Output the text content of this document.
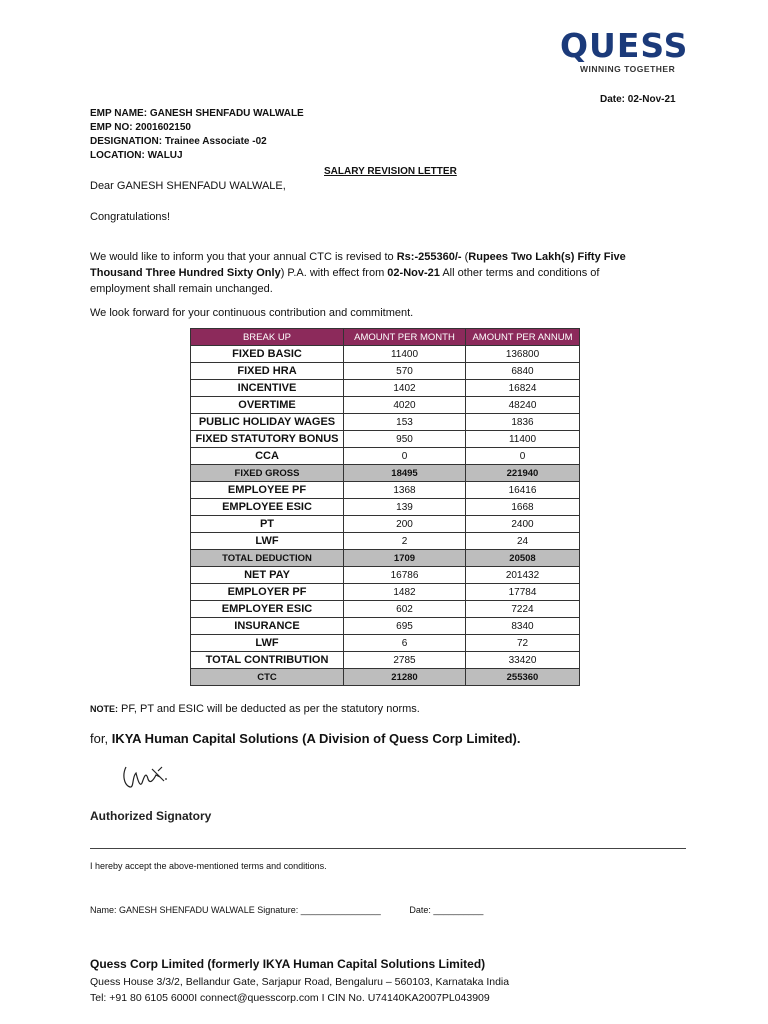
QUESS
WINNING TOGETHER
Date: 02-Nov-21
EMP NAME: GANESH SHENFADU WALWALE
EMP NO: 2001602150
DESIGNATION: Trainee Associate -02
LOCATION: WALUJ
SALARY REVISION LETTER
Dear GANESH SHENFADU WALWALE,
Congratulations!
We would like to inform you that your annual CTC is revised to Rs:-255360/- (Rupees Two Lakh(s) Fifty Five Thousand Three Hundred Sixty Only) P.A. with effect from 02-Nov-21 All other terms and conditions of employment shall remain unchanged.
We look forward for your continuous contribution and commitment.
BREAK UP	AMOUNT PER MONTH	AMOUNT PER ANNUM
FIXED BASIC	11400	136800
FIXED HRA	570	6840
INCENTIVE	1402	16824
OVERTIME	4020	48240
PUBLIC HOLIDAY WAGES	153	1836
FIXED STATUTORY BONUS	950	11400
CCA	0	0
FIXED GROSS	18495	221940
EMPLOYEE PF	1368	16416
EMPLOYEE ESIC	139	1668
PT	200	2400
LWF	2	24
TOTAL DEDUCTION	1709	20508
NET PAY	16786	201432
EMPLOYER PF	1482	17784
EMPLOYER ESIC	602	7224
INSURANCE	695	8340
LWF	6	72
TOTAL CONTRIBUTION	2785	33420
CTC	21280	255360
NOTE: PF, PT and ESIC will be deducted as per the statutory norms.
for, IKYA Human Capital Solutions (A Division of Quess Corp Limited).
Authorized Signatory
I hereby accept the above-mentioned terms and conditions.
Name: GANESH SHENFADU WALWALE Signature: ________________	Date: __________
Quess Corp Limited (formerly IKYA Human Capital Solutions Limited)
Quess House 3/3/2, Bellandur Gate, Sarjapur Road, Bengaluru – 560103, Karnataka India
Tel: +91 80 6105 6000I connect@quesscorp.com I CIN No. U74140KA2007PL043909
